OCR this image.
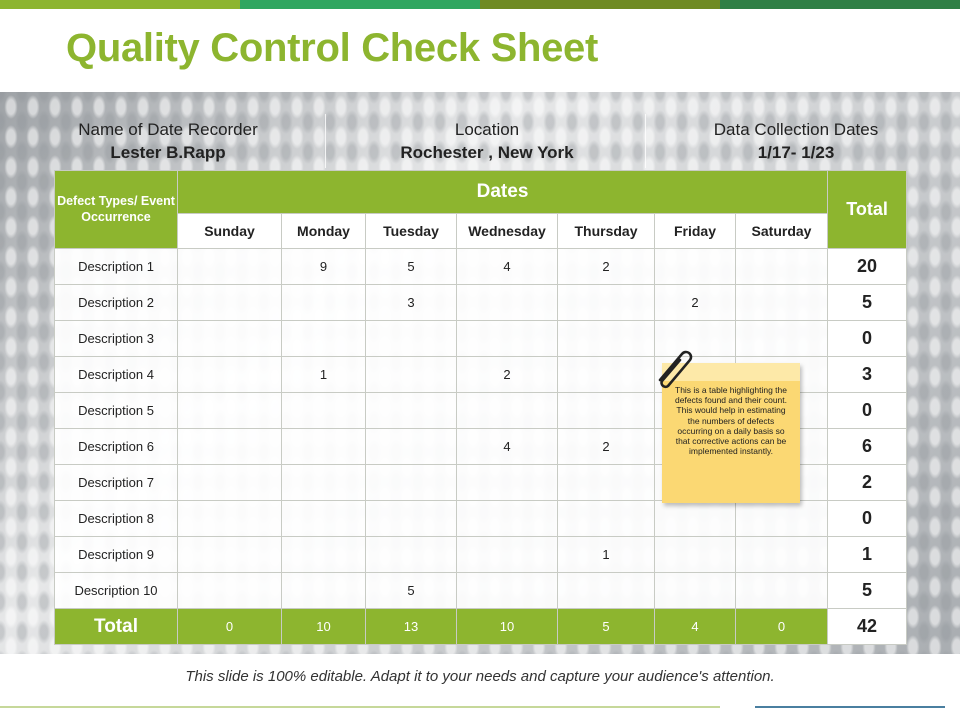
Quality Control Check Sheet
Name of Date Recorder
Lester B.Rapp
Location
Rochester , New York
Data Collection Dates
1/17- 1/23
Defect Types/ Event Occurrence	Dates							Total
	Sunday	Monday	Tuesday	Wednesday	Thursday	Friday	Saturday	
Description 1		9	5	4	2			20
Description 2			3			2		5
Description 3								0
Description 4		1		2				3
Description 5								0
Description 6				4	2			6
Description 7								2
Description 8								0
Description 9					1			1
Description 10			5					5
Total	0	10	13	10	5	4	0	42
This is a table highlighting the defects found and their count. This would help in estimating the numbers of defects occurring on a daily basis so that corrective actions can be implemented instantly.
This slide is 100% editable. Adapt it to your needs and capture your audience's attention.
